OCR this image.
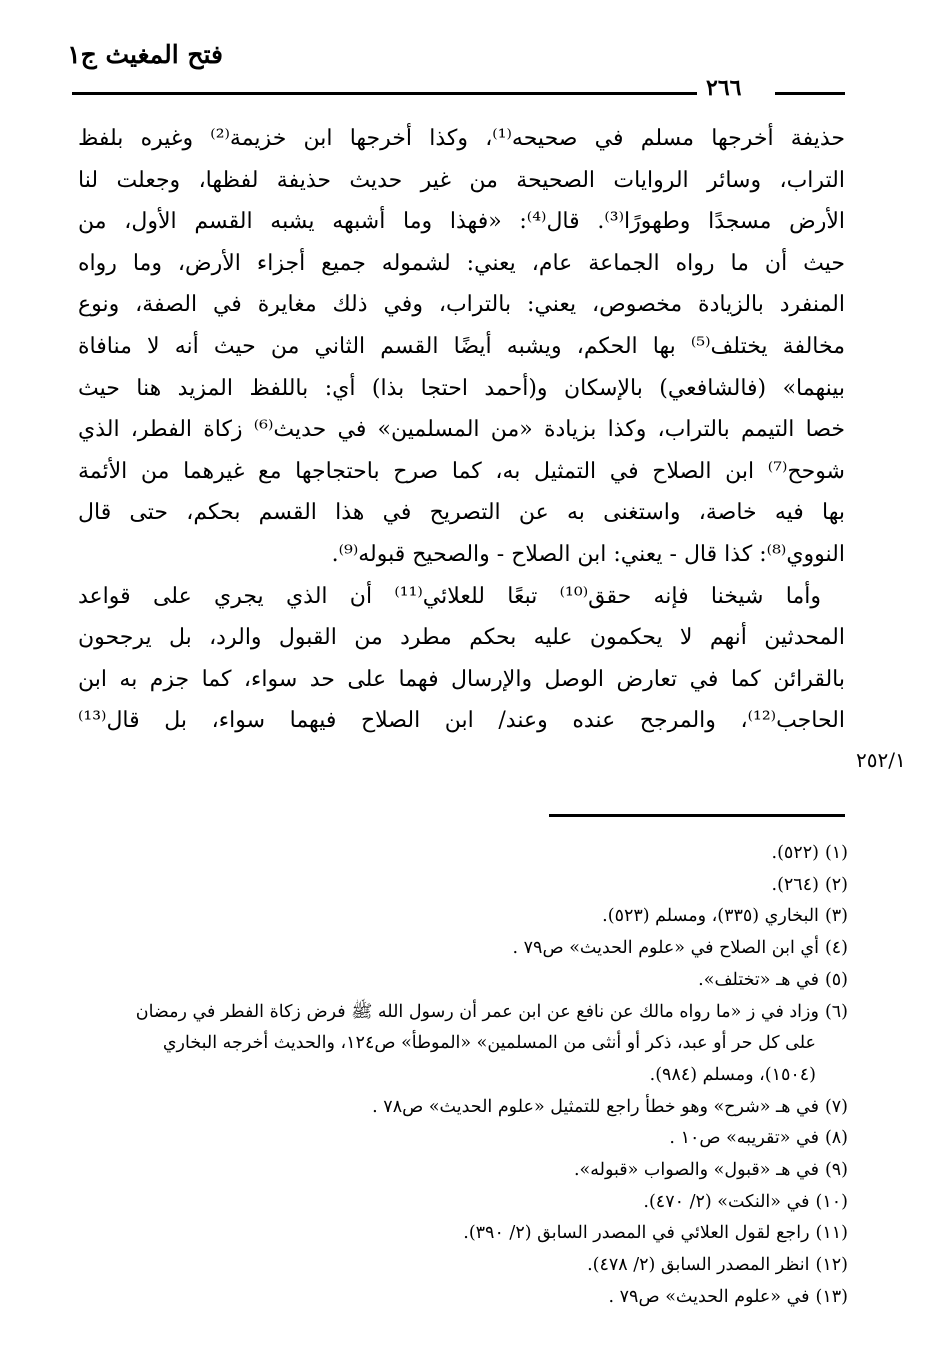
فتح المغيث ج١
٢٦٦
حذيفة أخرجها مسلم في صحيحه⁽¹⁾، وكذا أخرجها ابن خزيمة⁽²⁾ وغيره بلفظ
التراب، وسائر الروايات الصحيحة من غير حديث حذيفة لفظها، وجعلت لنا
الأرض مسجدًا وطهورًا⁽³⁾. قال⁽⁴⁾: «فهذا وما أشبهه يشبه القسم الأول، من
حيث أن ما رواه الجماعة عام، يعني: لشموله جميع أجزاء الأرض، وما رواه
المنفرد بالزيادة مخصوص، يعني: بالتراب، وفي ذلك مغايرة في الصفة، ونوع
مخالفة يختلف⁽⁵⁾ بها الحكم، ويشبه أيضًا القسم الثاني من حيث أنه لا منافاة
بينهما» (فالشافعي) بالإسكان و(أحمد احتجا بذا) أي: باللفظ المزيد هنا حيث
خصا التيمم بالتراب، وكذا بزيادة «من المسلمين» في حديث⁽⁶⁾ زكاة الفطر، الذي
شوحح⁽⁷⁾ ابن الصلاح في التمثيل به، كما صرح باحتجاجها مع غيرهما من الأئمة
بها فيه خاصة، واستغنى به عن التصريح في هذا القسم بحكم، حتى قال
النووي⁽⁸⁾: كذا قال - يعني: ابن الصلاح - والصحيح قبوله⁽⁹⁾.
وأما شيخنا فإنه حقق⁽¹⁰⁾ تبعًا للعلائي⁽¹¹⁾ أن الذي يجري على قواعد
المحدثين أنهم لا يحكمون عليه بحكم مطرد من القبول والرد، بل يرجحون
بالقرائن كما في تعارض الوصل والإرسال فهما على حد سواء، كما جزم به ابن
الحاجب⁽¹²⁾، والمرجح عنده وعند/ ابن الصلاح فيهما سواء، بل قال⁽¹³⁾
٢٥٢/١
(١)(٥٢٢).
(٢)(٢٦٤).
(٣)البخاري (٣٣٥)، ومسلم (٥٢٣).
(٤)أي ابن الصلاح في «علوم الحديث» ص٧٩ .
(٥)في هـ «تختلف».
(٦)وزاد في ز «ما رواه مالك عن نافع عن ابن عمر أن رسول الله ﷺ فرض زكاة الفطر في رمضان
على كل حر أو عبد، ذكر أو أنثى من المسلمين» «الموطأ» ص١٢٤، والحديث أخرجه البخاري
(١٥٠٤)، ومسلم (٩٨٤).
(٧)في هـ «شرح» وهو خطأ راجع للتمثيل «علوم الحديث» ص٧٨ .
(٨)في «تقريبه» ص١٠ .
(٩)في هـ «قبول» والصواب «قبوله».
(١٠)في «النكت» (٢/ ٤٧٠).
(١١)راجع لقول العلائي في المصدر السابق (٢/ ٣٩٠).
(١٢)انظر المصدر السابق (٢/ ٤٧٨).
(١٣)في «علوم الحديث» ص٧٩ .
